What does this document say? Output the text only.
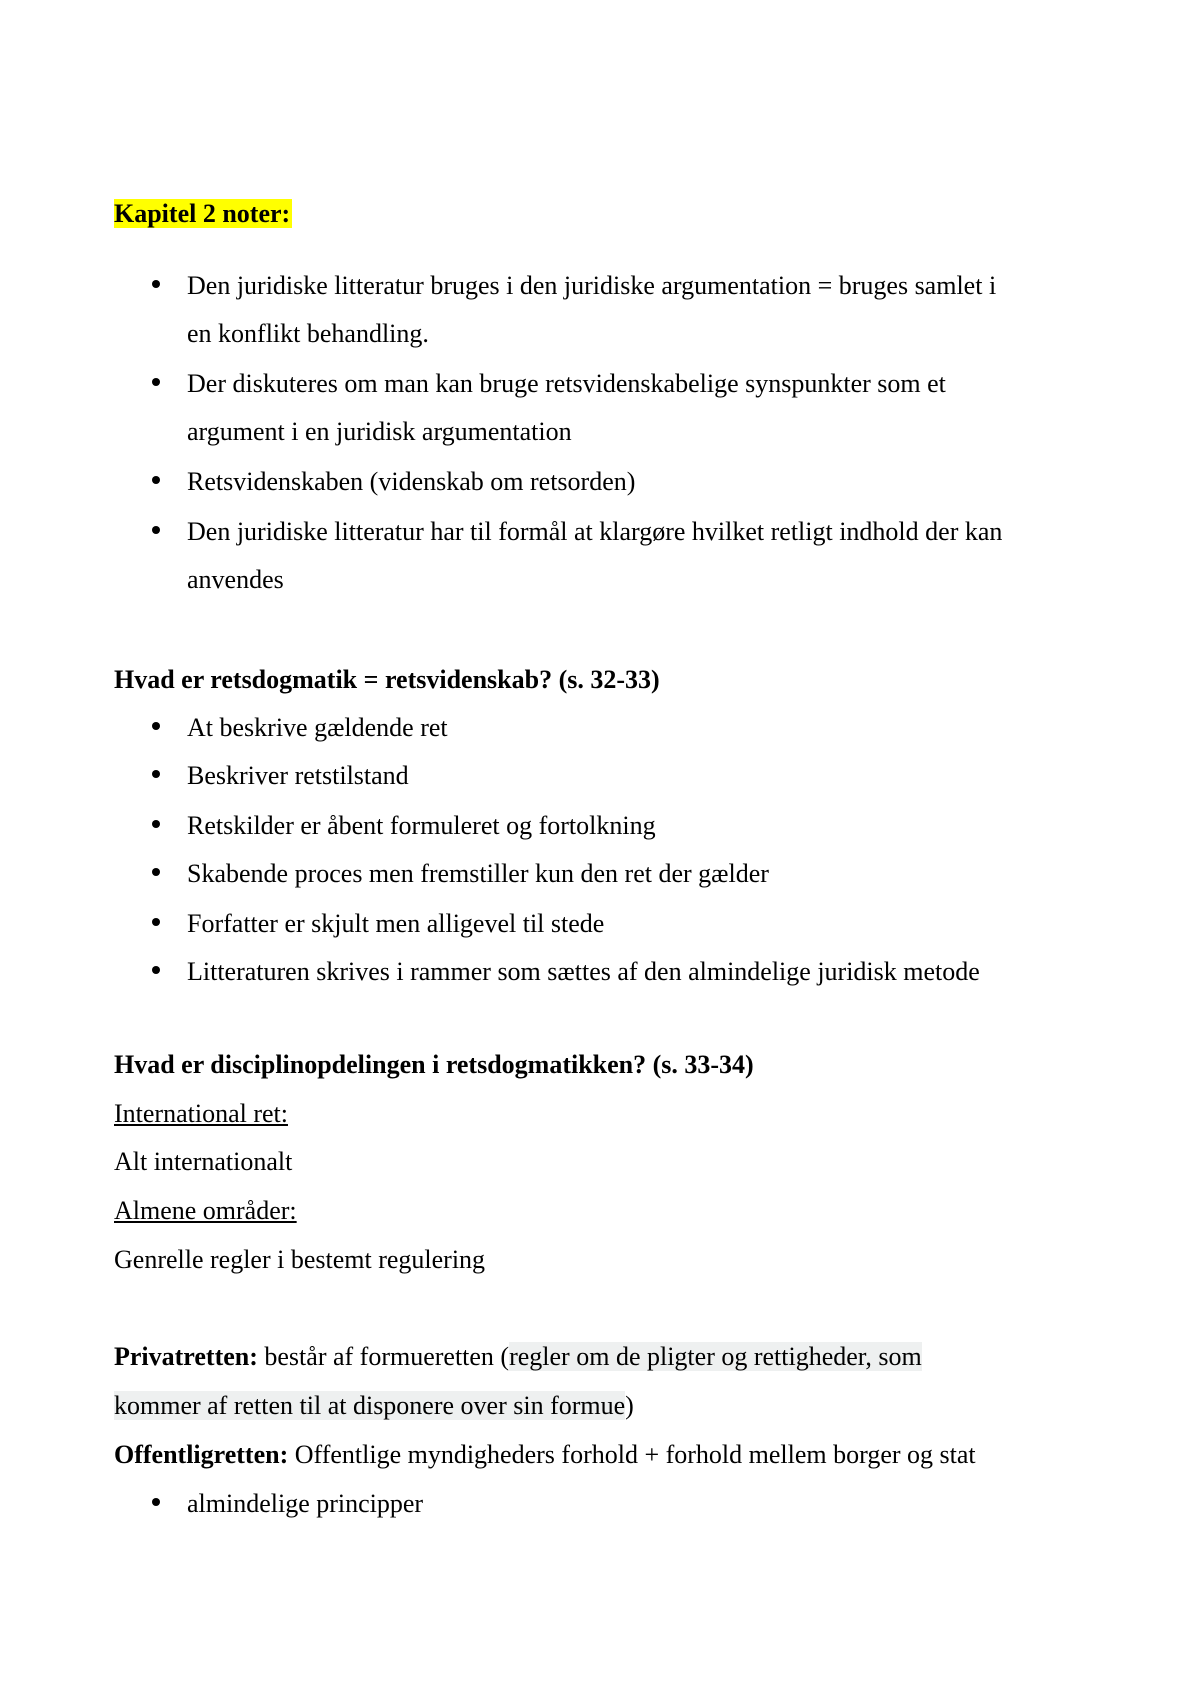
Kapitel 2 noter:
Den juridiske litteratur bruges i den juridiske argumentation = bruges samlet i
en konflikt behandling.
Der diskuteres om man kan bruge retsvidenskabelige synspunkter som et
argument i en juridisk argumentation
Retsvidenskaben (videnskab om retsorden)
Den juridiske litteratur har til formål at klargøre hvilket retligt indhold der kan
anvendes
Hvad er retsdogmatik = retsvidenskab? (s. 32-33)
At beskrive gældende ret
Beskriver retstilstand
Retskilder er åbent formuleret og fortolkning
Skabende proces men fremstiller kun den ret der gælder
Forfatter er skjult men alligevel til stede
Litteraturen skrives i rammer som sættes af den almindelige juridisk metode
Hvad er disciplinopdelingen i retsdogmatikken? (s. 33-34)
International ret:
Alt internationalt
Almene områder:
Genrelle regler i bestemt regulering
Privatretten: består af formueretten (regler om de pligter og rettigheder, som
kommer af retten til at disponere over sin formue)
Offentligretten: Offentlige myndigheders forhold + forhold mellem borger og stat
almindelige principper
